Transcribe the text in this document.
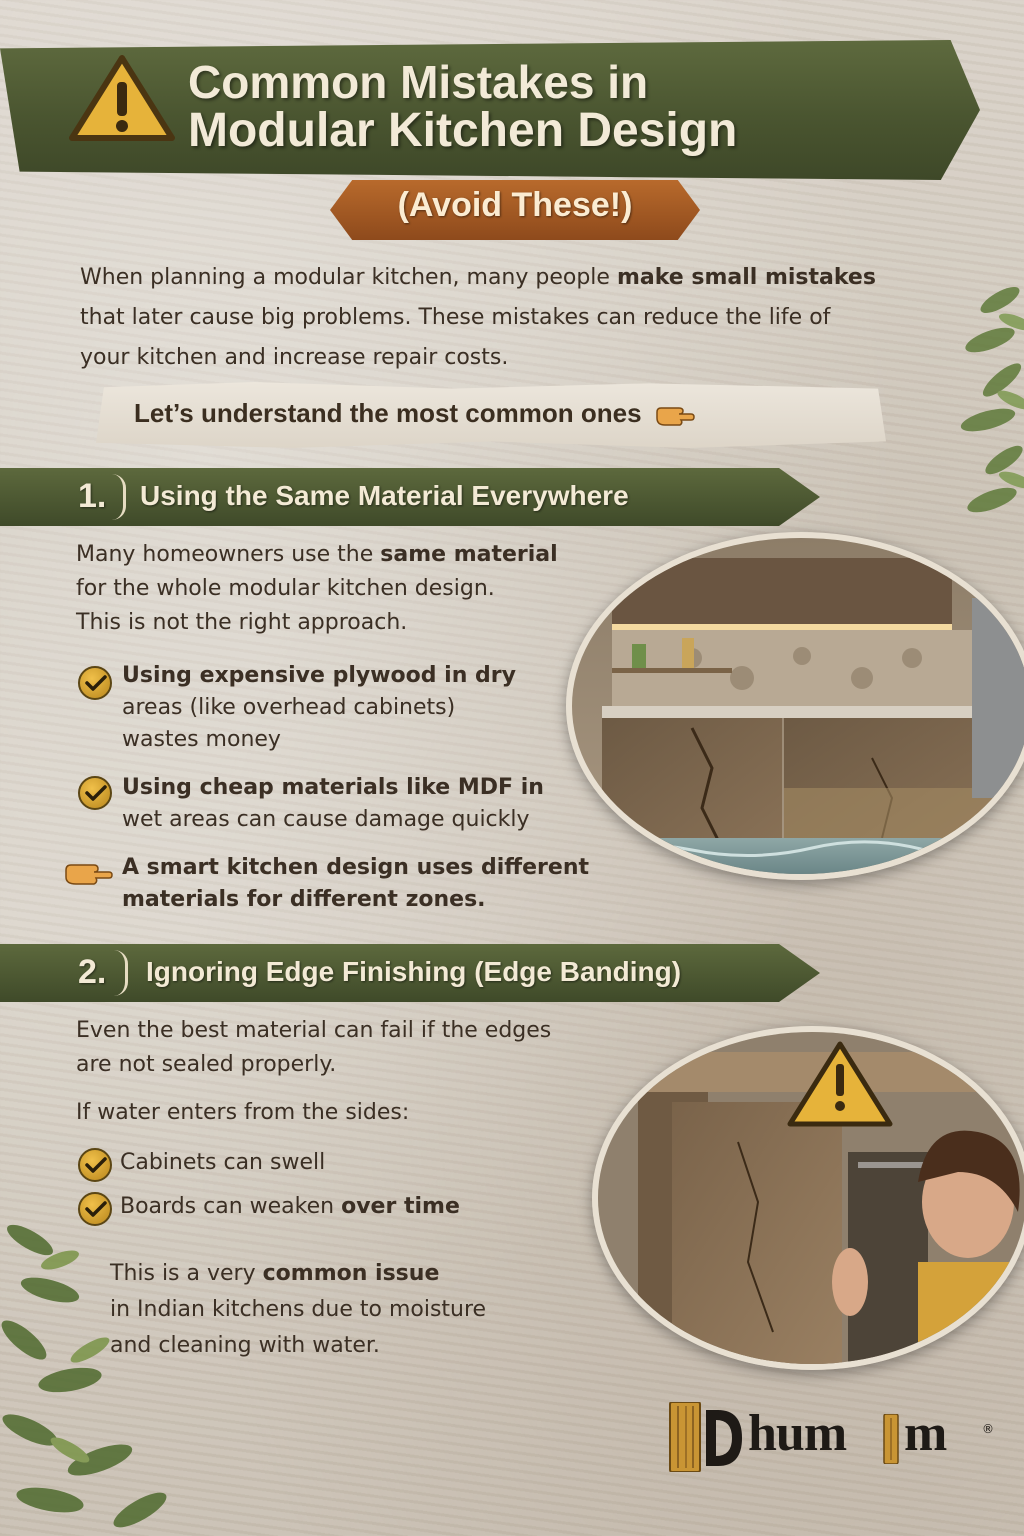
Common Mistakes in
Modular Kitchen Design
(Avoid These!)
When planning a modular kitchen, many people make small mistakes
that later cause big problems. These mistakes can reduce the life of
your kitchen and increase repair costs.
Let’s understand the most common ones
1. Using the Same Material Everywhere
Many homeowners use the same material
for the whole modular kitchen design.
This is not the right approach.
Using expensive plywood in dry
areas (like overhead cabinets)
wastes money
Using cheap materials like MDF in
wet areas can cause damage quickly
A smart kitchen design uses different
materials for different zones.
2. Ignoring Edge Finishing (Edge Banding)
Even the best material can fail if the edges
are not sealed properly.
If water enters from the sides:
Cabinets can swell
Boards can weaken over time
This is a very common issue
in Indian kitchens due to moisture
and cleaning with water.
hum m	®
